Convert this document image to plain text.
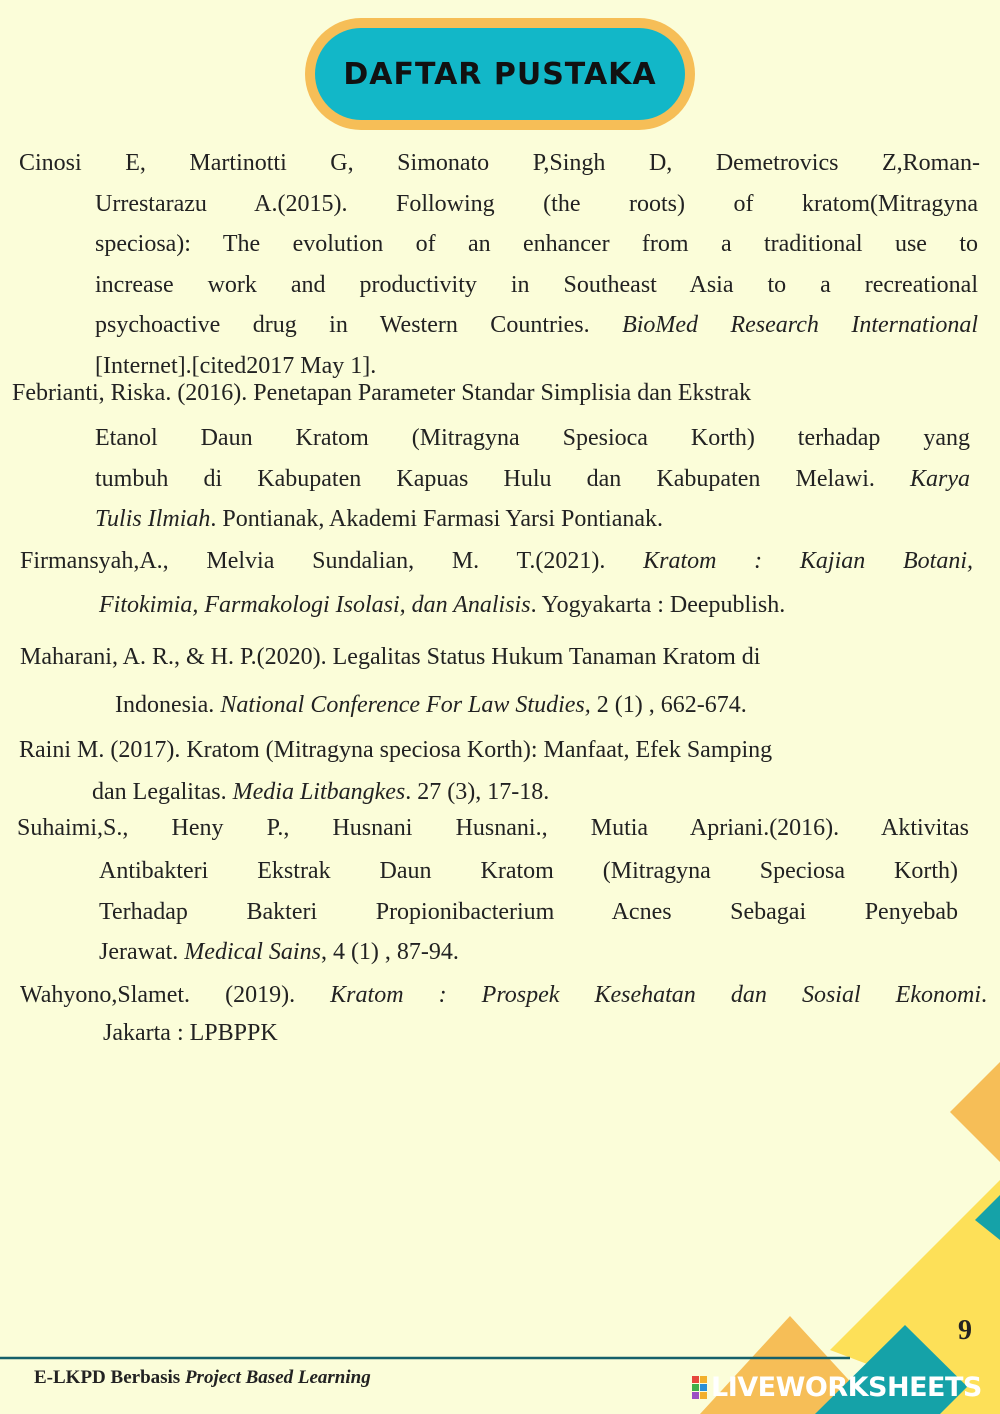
DAFTAR PUSTAKA
Cinosi E, Martinotti G, Simonato P,Singh D, Demetrovics Z,Roman-
Urrestarazu A.(2015). Following (the roots) of kratom(Mitragyna
speciosa): The evolution of an enhancer from a traditional use to
increase work and productivity in Southeast Asia to a recreational
psychoactive drug in Western Countries. BioMed Research International
[Internet].[cited2017 May 1].
Febrianti, Riska. (2016). Penetapan Parameter Standar Simplisia dan Ekstrak
Etanol Daun Kratom (Mitragyna Spesioca Korth) terhadap yang
tumbuh di Kabupaten Kapuas Hulu dan Kabupaten Melawi. Karya
Tulis Ilmiah. Pontianak, Akademi Farmasi Yarsi Pontianak.
Firmansyah,A., Melvia Sundalian, M. T.(2021). Kratom : Kajian Botani,
Fitokimia, Farmakologi Isolasi, dan Analisis. Yogyakarta : Deepublish.
Maharani, A. R., & H. P.(2020). Legalitas Status Hukum Tanaman Kratom di
Indonesia. National Conference For Law Studies, 2 (1) , 662-674.
Raini M. (2017). Kratom (Mitragyna speciosa Korth): Manfaat, Efek Samping
dan Legalitas. Media Litbangkes. 27 (3), 17-18.
Suhaimi,S., Heny P., Husnani Husnani., Mutia Apriani.(2016). Aktivitas
Antibakteri Ekstrak Daun Kratom (Mitragyna Speciosa Korth)
Terhadap Bakteri Propionibacterium Acnes Sebagai Penyebab
Jerawat. Medical Sains, 4 (1) , 87-94.
Wahyono,Slamet. (2019). Kratom : Prospek Kesehatan dan Sosial Ekonomi.
Jakarta : LPBPPK
9
E-LKPD Berbasis Project Based Learning	LIVEWORKSHEETS
